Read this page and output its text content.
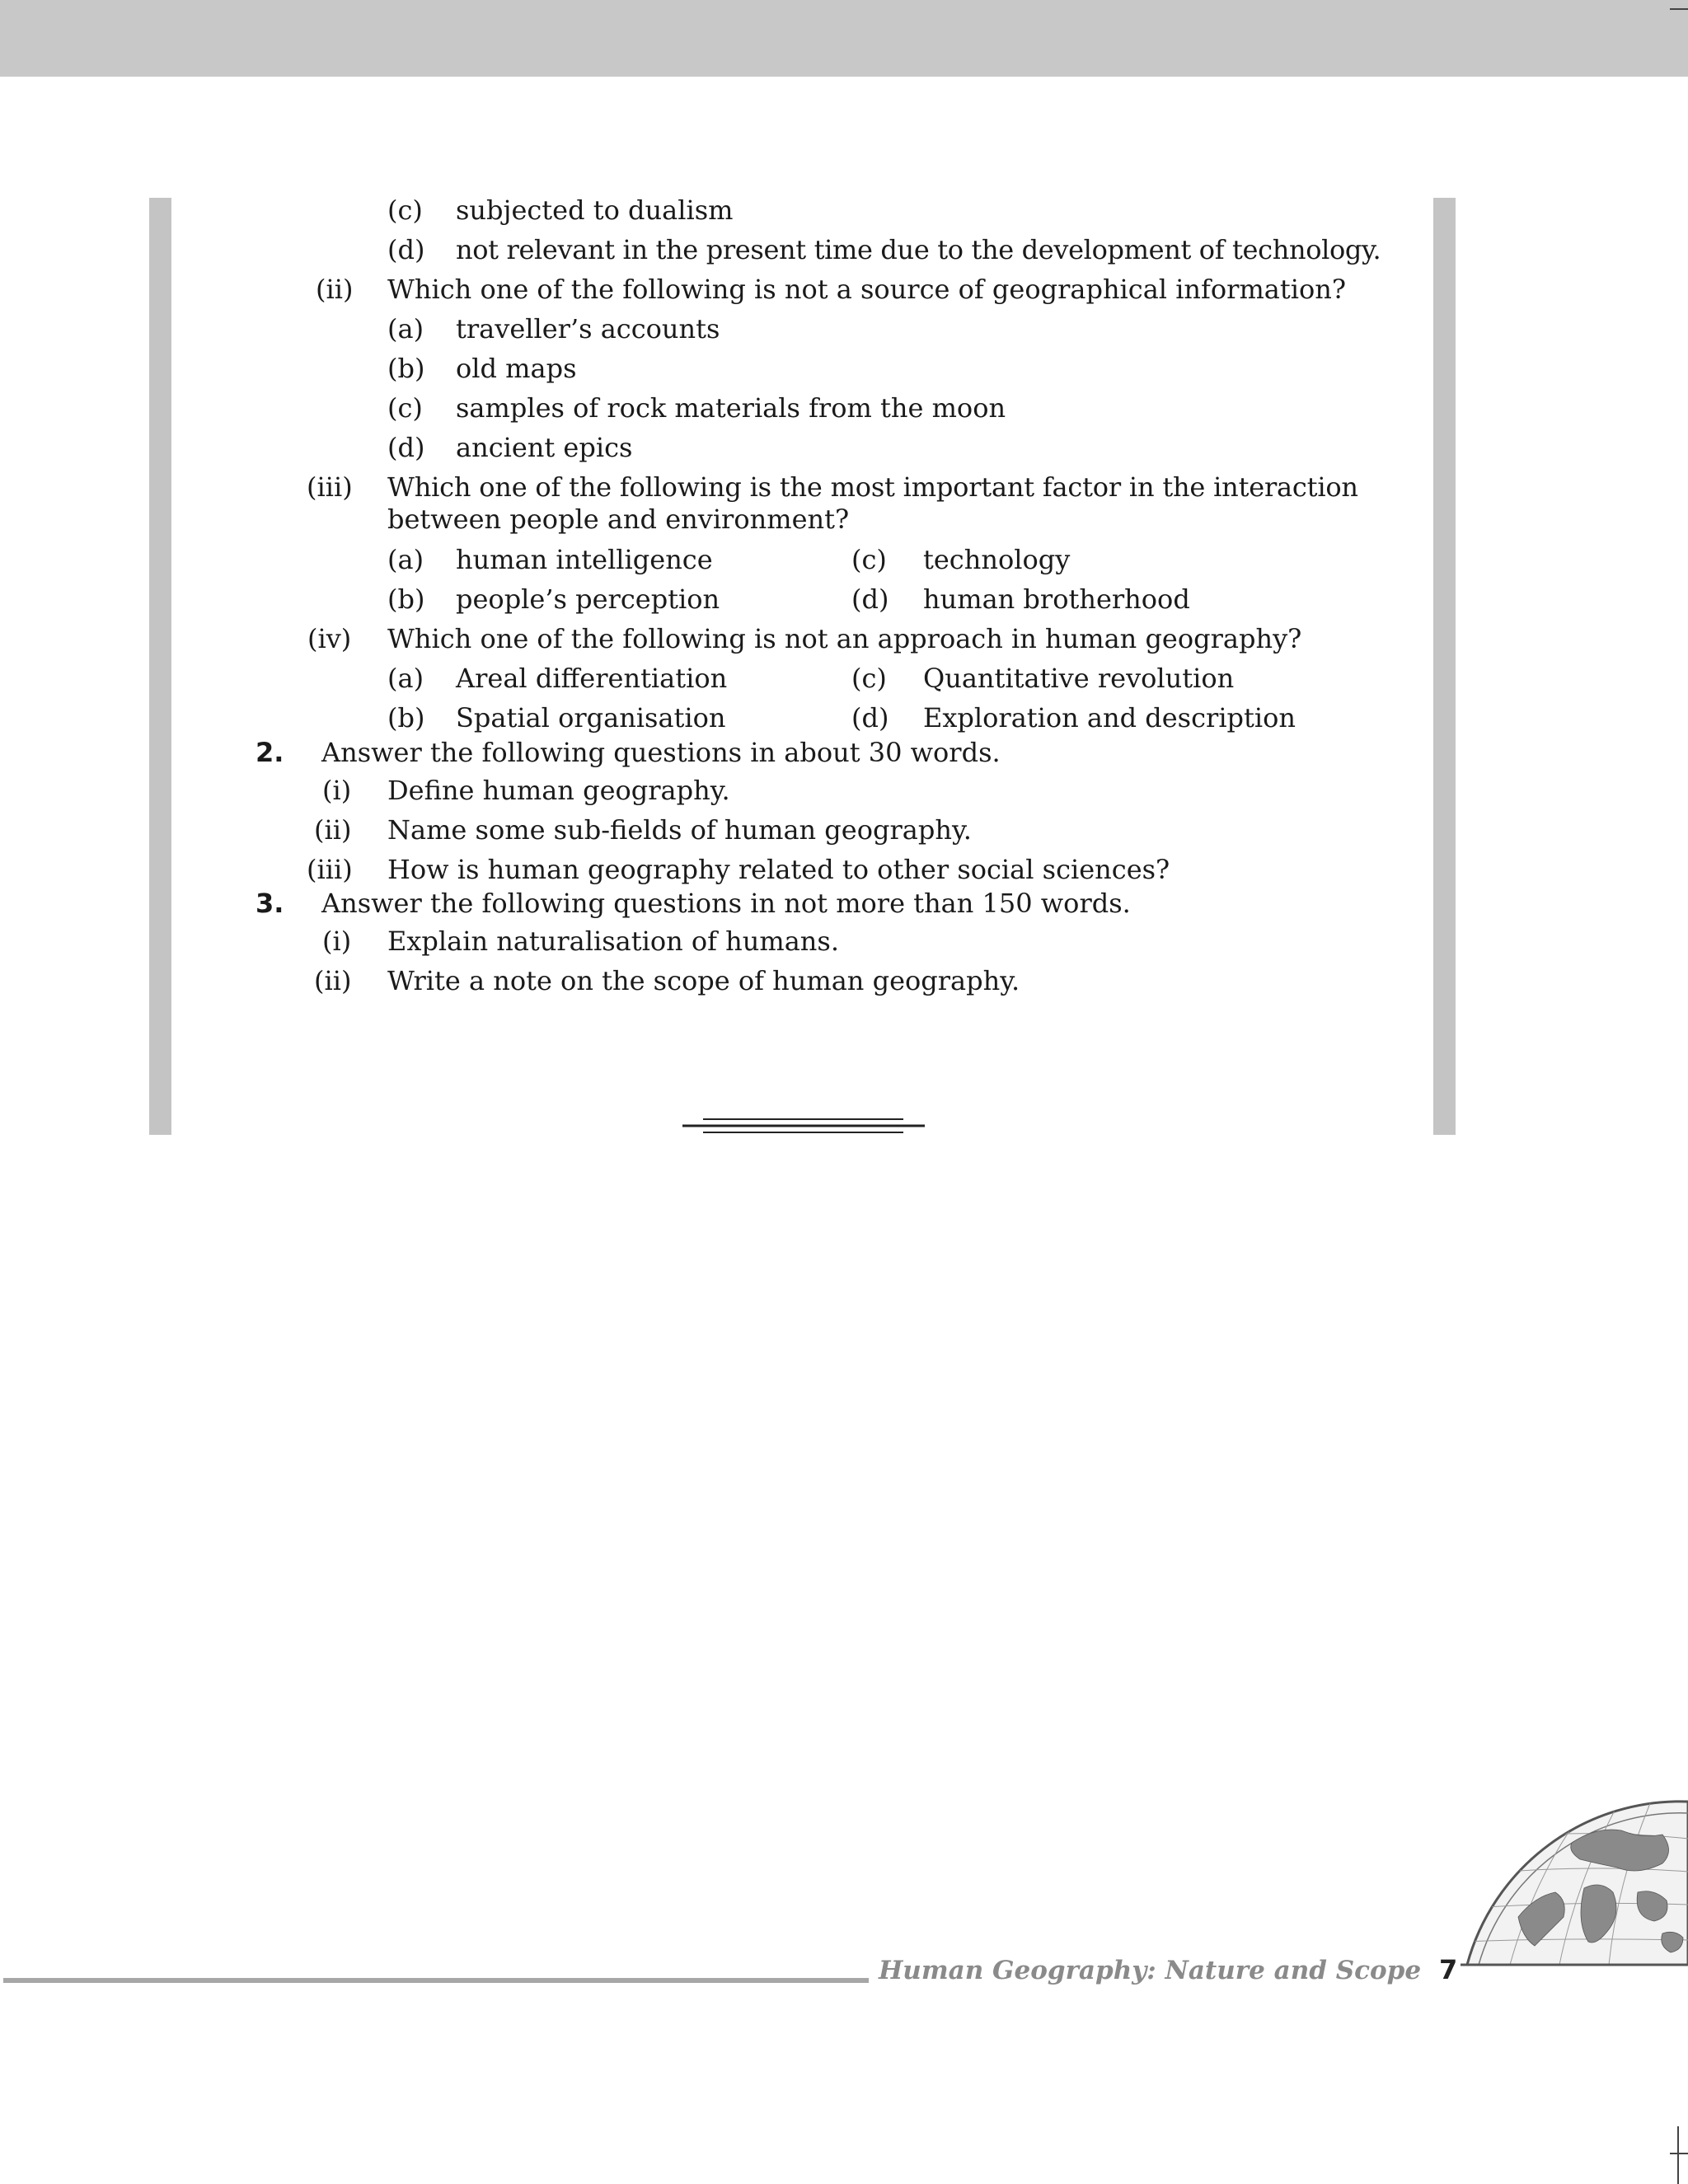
(c) subjected to dualism
(d) not relevant in the present time due to the development of technology.
(ii) Which one of the following is not a source of geographical information?
(a) traveller’s accounts
(b) old maps
(c) samples of rock materials from the moon
(d) ancient epics
(iii) Which one of the following is the most important factor in the interaction
between people and environment?
(a) human intelligence	(c) technology
(b) people’s perception	(d) human brotherhood
(iv) Which one of the following is not an approach in human geography?
(a) Areal differentiation	(c) Quantitative revolution
(b) Spatial organisation	(d) Exploration and description
2. Answer the following questions in about 30 words.
(i) Define human geography.
(ii) Name some sub-fields of human geography.
(iii) How is human geography related to other social sciences?
3. Answer the following questions in not more than 150 words.
(i) Explain naturalisation of humans.
(ii) Write a note on the scope of human geography.
Human Geography: Nature and Scope 7
